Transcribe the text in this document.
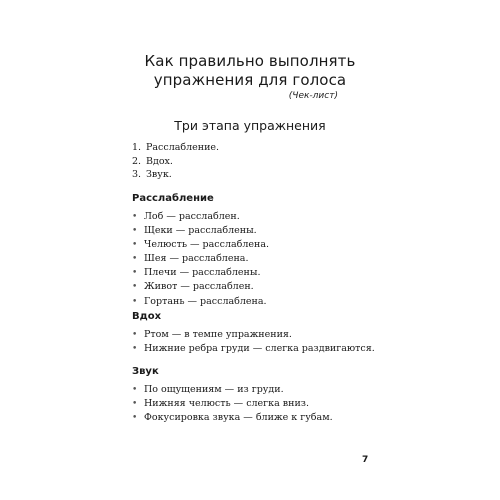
Как правильно выполнять
упражнения для голоса
(Чек-лист)
Три этапа упражнения
1. Расслабление.
2. Вдох.
3. Звук.
Расслабление
• Лоб — расслаблен.
• Щеки — расслаблены.
• Челюсть — расслаблена.
• Шея — расслаблена.
• Плечи — расслаблены.
• Живот — расслаблен.
• Гортань — расслаблена.
Вдох
• Ртом — в темпе упражнения.
• Нижние ребра груди — слегка раздвигаются.
Звук
• По ощущениям — из груди.
• Нижняя челюсть — слегка вниз.
• Фокусировка звука — ближе к губам.
7
